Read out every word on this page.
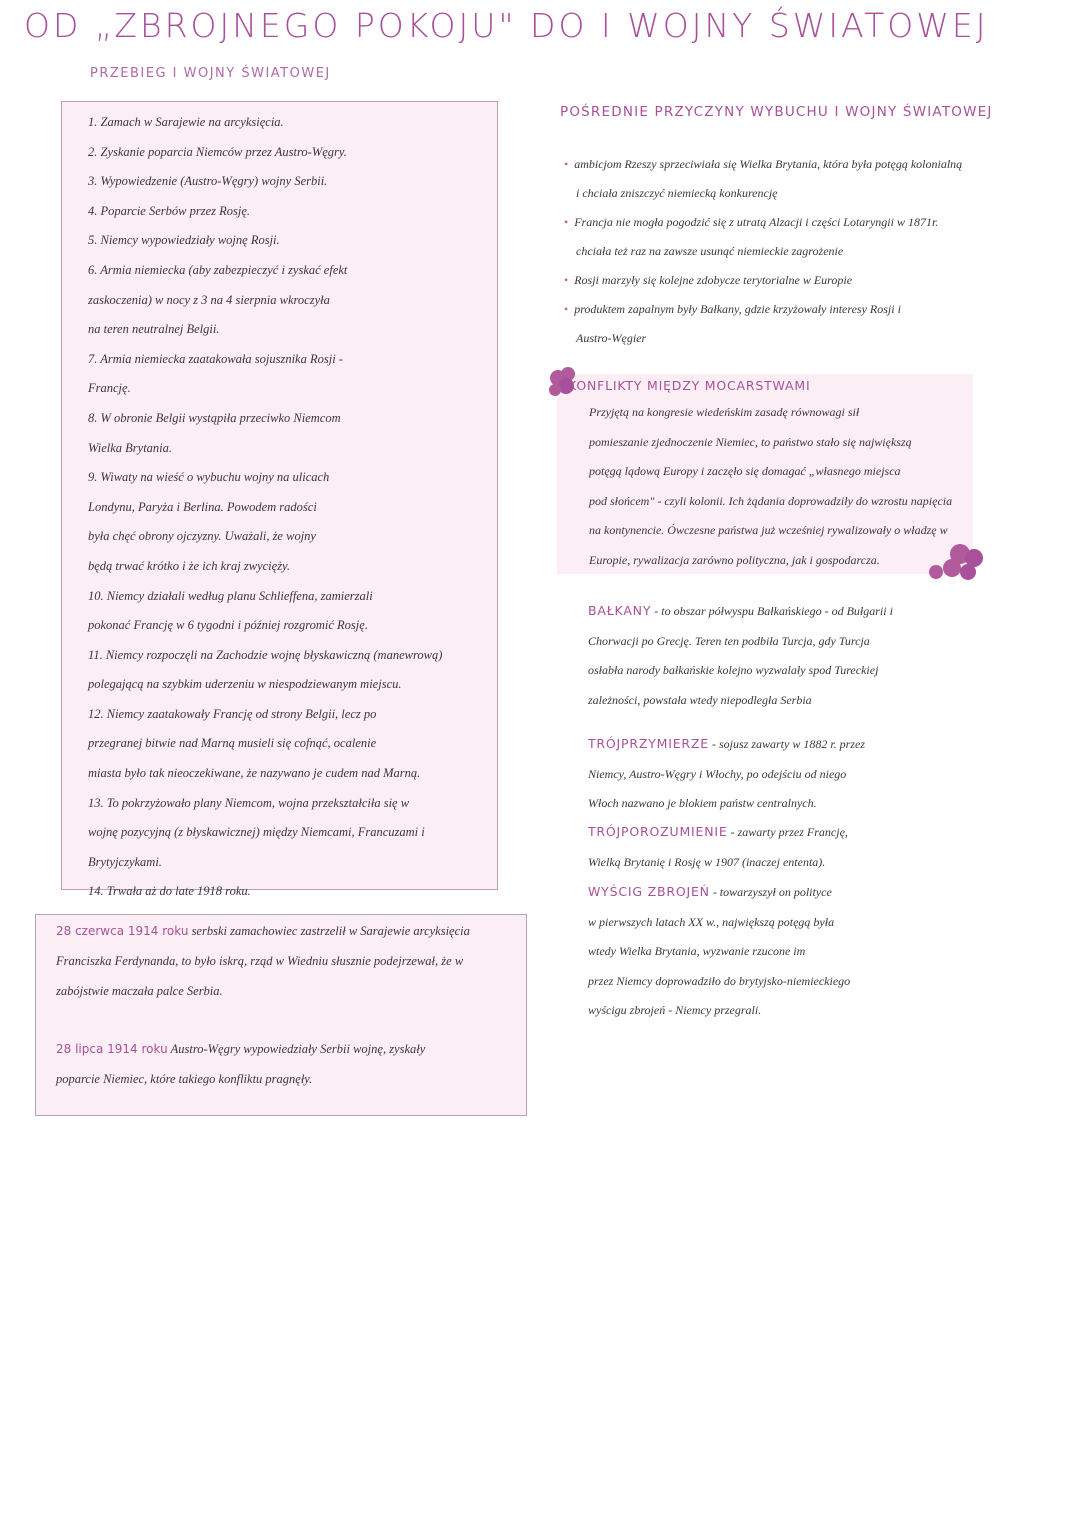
OD „ZBROJNEGO POKOJU" DO I WOJNY ŚWIATOWEJ
PRZEBIEG I WOJNY ŚWIATOWEJ
1. Zamach w Sarajewie na arcyksięcia.
2. Zyskanie poparcia Niemców przez Austro-Węgry.
3. Wypowiedzenie (Austro-Węgry) wojny Serbii.
4. Poparcie Serbów przez Rosję.
5. Niemcy wypowiedziały wojnę Rosji.
6. Armia niemiecka (aby zabezpieczyć i zyskać efekt
zaskoczenia) w nocy z 3 na 4 sierpnia wkroczyła
na teren neutralnej Belgii.
7. Armia niemiecka zaatakowała sojusznika Rosji -
Francję.
8. W obronie Belgii wystąpiła przeciwko Niemcom
Wielka Brytania.
9. Wiwaty na wieść o wybuchu wojny na ulicach
Londynu, Paryża i Berlina. Powodem radości
była chęć obrony ojczyzny. Uważali, że wojny
będą trwać krótko i że ich kraj zwycięży.
10. Niemcy działali według planu Schlieffena, zamierzali
pokonać Francję w 6 tygodni i później rozgromić Rosję.
11. Niemcy rozpoczęli na Zachodzie wojnę błyskawiczną (manewrową)
polegającą na szybkim uderzeniu w niespodziewanym miejscu.
12. Niemcy zaatakowały Francję od strony Belgii, lecz po
przegranej bitwie nad Marną musieli się cofnąć, ocalenie
miasta było tak nieoczekiwane, że nazywano je cudem nad Marną.
13. To pokrzyżowało plany Niemcom, wojna przekształciła się w
wojnę pozycyjną (z błyskawicznej) między Niemcami, Francuzami i Brytyjczykami.
14. Trwała aż do late 1918 roku.
28 czerwca 1914 roku serbski zamachowiec zastrzelił w Sarajewie arcyksięcia
Franciszka Ferdynanda, to było iskrą, rząd w Wiedniu słusznie podejrzewał, że w
zabójstwie maczała palce Serbia.
28 lipca 1914 roku Austro-Węgry wypowiedziały Serbii wojnę, zyskały
poparcie Niemiec, które takiego konfliktu pragnęły.
POŚREDNIE PRZYCZYNY WYBUCHU I WOJNY ŚWIATOWEJ
• ambicjom Rzeszy sprzeciwiała się Wielka Brytania, która była potęgą kolonialną
i chciała zniszczyć niemiecką konkurencję
• Francja nie mogła pogodzić się z utratą Alzacji i części Lotaryngii w 1871r.
chciała też raz na zawsze usunąć niemieckie zagrożenie
• Rosji marzyły się kolejne zdobycze terytorialne w Europie
• produktem zapalnym były Bałkany, gdzie krzyżowały interesy Rosji i
Austro-Węgier
KONFLIKTY MIĘDZY MOCARSTWAMI
Przyjętą na kongresie wiedeńskim zasadę równowagi sił
pomieszanie zjednoczenie Niemiec, to państwo stało się największą
potęgą lądową Europy i zaczęło się domagać „własnego miejsca
pod słońcem" - czyli kolonii. Ich żądania doprowadziły do wzrostu napięcia
na kontynencie. Ówczesne państwa już wcześniej rywalizowały o władzę w
Europie, rywalizacja zarówno polityczna, jak i gospodarcza.
BAŁKANY - to obszar półwyspu Bałkańskiego - od Bułgarii i
Chorwacji po Grecję. Teren ten podbiła Turcja, gdy Turcja
osłabła narody bałkańskie kolejno wyzwalały spod Tureckiej
zależności, powstała wtedy niepodległa Serbia
TRÓJPRZYMIERZE - sojusz zawarty w 1882 r. przez
Niemcy, Austro-Węgry i Włochy, po odejściu od niego
Włoch nazwano je blokiem państw centralnych.
TRÓJPOROZUMIENIE - zawarty przez Francję,
Wielką Brytanię i Rosję w 1907 (inaczej ententa).
WYŚCIG ZBROJEŃ - towarzyszył on polityce
w pierwszych latach XX w., największą potęgą była
wtedy Wielka Brytania, wyzwanie rzucone im
przez Niemcy doprowadziło do brytyjsko-niemieckiego
wyścigu zbrojeń - Niemcy przegrali.
